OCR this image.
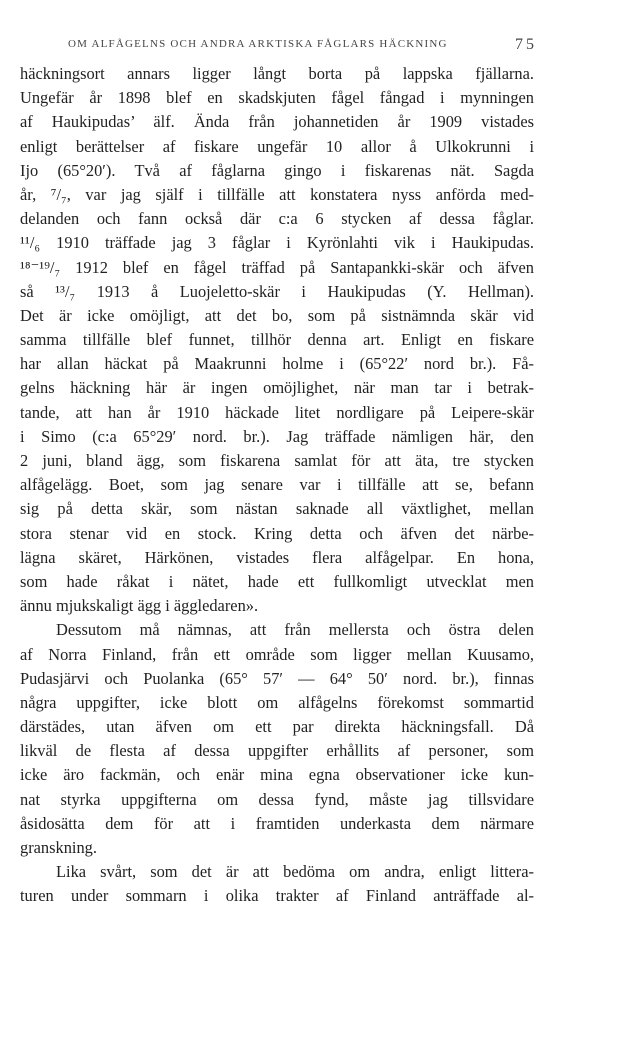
OM ALFÅGELNS OCH ANDRA ARKTISKA FÅGLARS HÄCKNING	75
häckningsort annars ligger långt borta på lappska fjällarna.
Ungefär år 1898 blef en skadskjuten fågel fångad i mynningen
af Haukipudas’ älf. Ända från johannetiden år 1909 vistades
enligt berättelser af fiskare ungefär 10 allor å Ulkokrunni i
Ijo (65°20′). Två af fåglarna gingo i fiskarenas nät. Sagda
år, ⁷/₇, var jag själf i tillfälle att konstatera nyss anförda med-
delanden och fann också där c:a 6 stycken af dessa fåglar.
¹¹/₆ 1910 träffade jag 3 fåglar i Kyrönlahti vik i Haukipudas.
¹⁸⁻¹⁹/₇ 1912 blef en fågel träffad på Santapankki-skär och äfven
så ¹³/₇ 1913 å Luojeletto-skär i Haukipudas (Y. Hellman).
Det är icke omöjligt, att det bo, som på sistnämnda skär vid
samma tillfälle blef funnet, tillhör denna art. Enligt en fiskare
har allan häckat på Maakrunni holme i (65°22′ nord br.). Få-
gelns häckning här är ingen omöjlighet, när man tar i betrak-
tande, att han år 1910 häckade litet nordligare på Leipere-skär
i Simo (c:a 65°29′ nord. br.). Jag träffade nämligen här, den
2 juni, bland ägg, som fiskarena samlat för att äta, tre stycken
alfågelägg. Boet, som jag senare var i tillfälle att se, befann
sig på detta skär, som nästan saknade all växtlighet, mellan
stora stenar vid en stock. Kring detta och äfven det närbe-
lägna skäret, Härkönen, vistades flera alfågelpar. En hona,
som hade råkat i nätet, hade ett fullkomligt utvecklat men
ännu mjukskaligt ägg i äggledaren».
Dessutom må nämnas, att från mellersta och östra delen
af Norra Finland, från ett område som ligger mellan Kuusamo,
Pudasjärvi och Puolanka (65° 57′ — 64° 50′ nord. br.), finnas
några uppgifter, icke blott om alfågelns förekomst sommartid
därstädes, utan äfven om ett par direkta häckningsfall. Då
likväl de flesta af dessa uppgifter erhållits af personer, som
icke äro fackmän, och enär mina egna observationer icke kun-
nat styrka uppgifterna om dessa fynd, måste jag tillsvidare
åsidosätta dem för att i framtiden underkasta dem närmare
granskning.
Lika svårt, som det är att bedöma om andra, enligt littera-
turen under sommarn i olika trakter af Finland anträffade al-
